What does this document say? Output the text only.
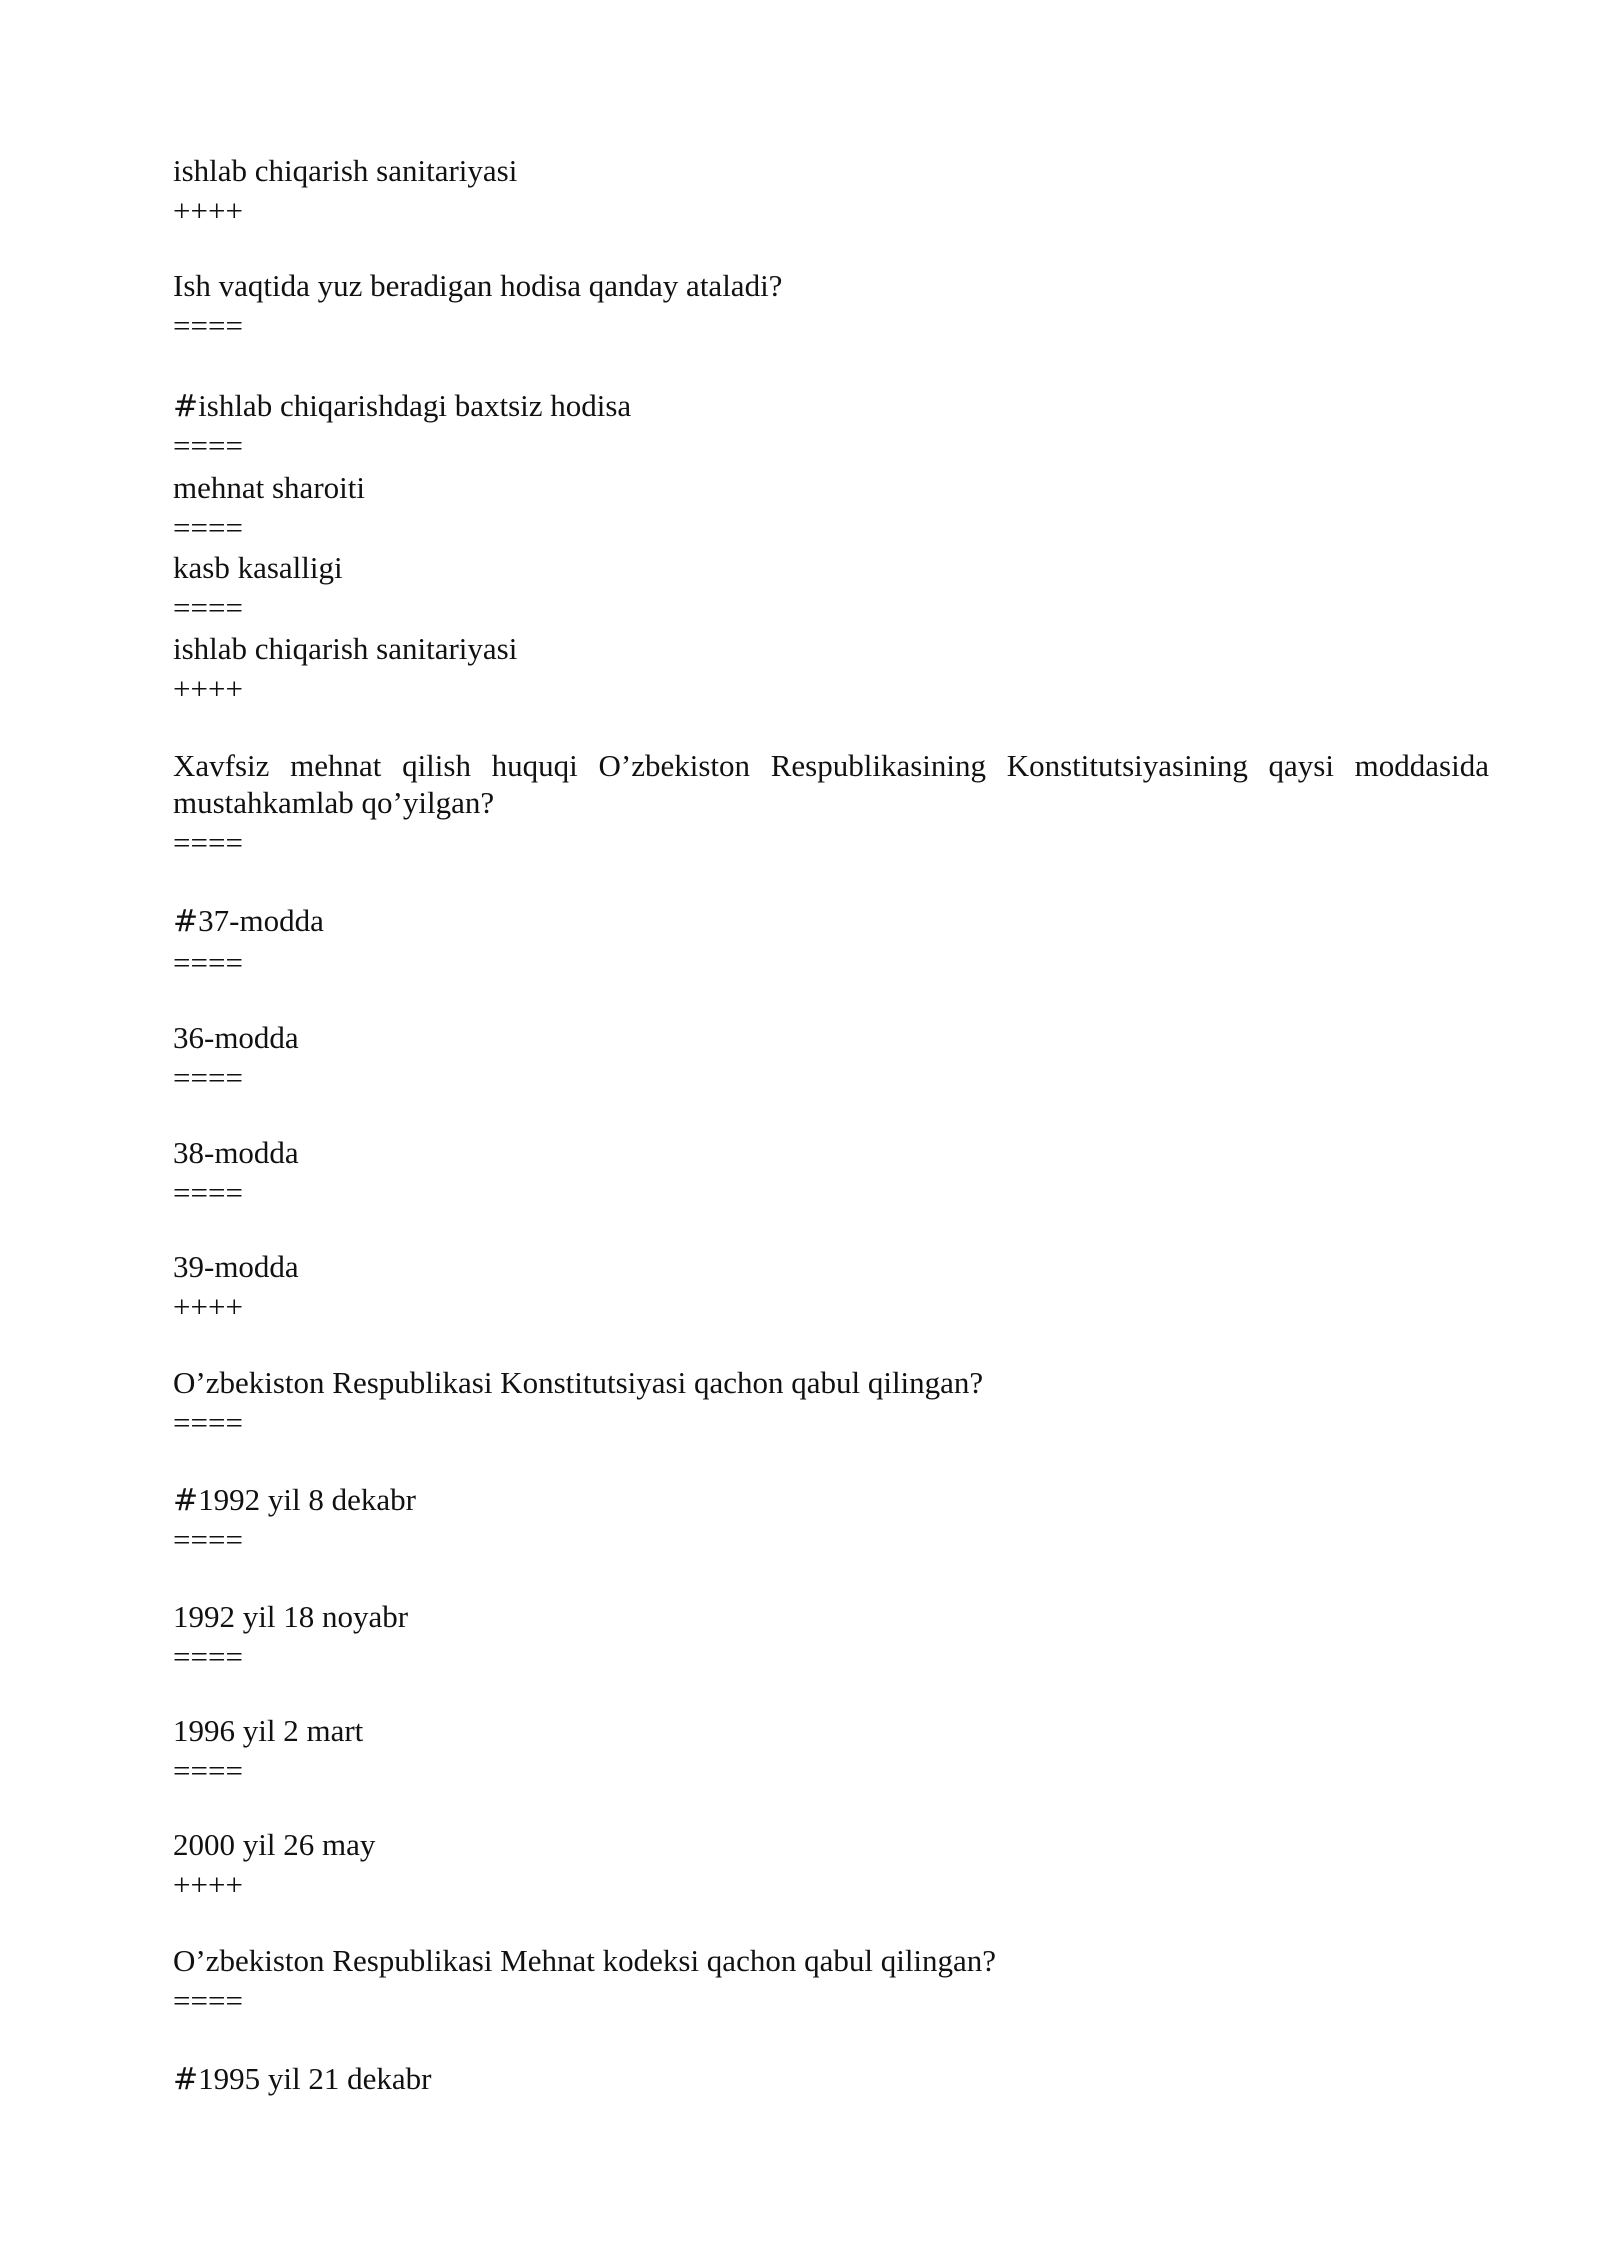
ishlab chiqarish sanitariyasi
++++
Ish vaqtida yuz beradigan hodisa qanday ataladi?
====
#ishlab chiqarishdagi baxtsiz hodisa
====
mehnat sharoiti
====
kasb kasalligi
====
ishlab chiqarish sanitariyasi
++++
Xavfsiz mehnat qilish huquqi O’zbekiston Respublikasining Konstitutsiyasining qaysi moddasida mustahkamlab qo’yilgan?
====
#37-modda
====
36-modda
====
38-modda
====
39-modda
++++
O’zbekiston Respublikasi Konstitutsiyasi qachon qabul qilingan?
====
#1992 yil 8 dekabr
====
1992 yil 18 noyabr
====
1996 yil 2 mart
====
2000 yil 26 may
++++
O’zbekiston Respublikasi Mehnat kodeksi qachon qabul qilingan?
====
#1995 yil 21 dekabr
